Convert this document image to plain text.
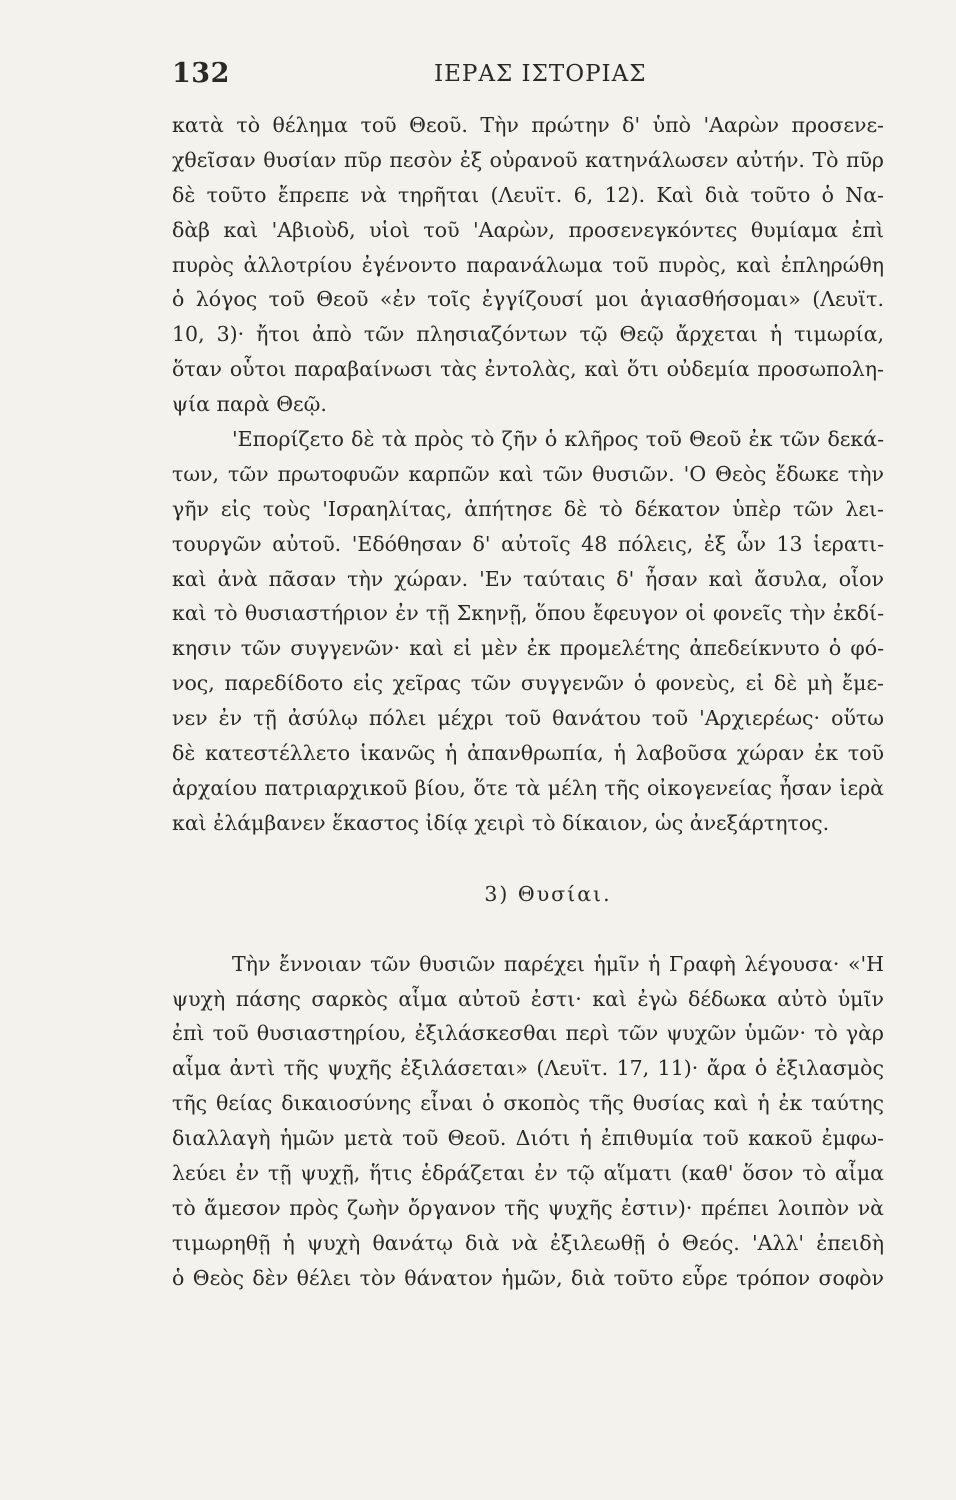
132	ΙΕΡΑΣ ΙΣΤΟΡΙΑΣ
κατὰ τὸ θέλημα τοῦ Θεοῦ. Τὴν πρώτην δ' ὑπὸ 'Ααρὼν προσενε-
χθεῖσαν θυσίαν πῦρ πεσὸν ἐξ οὐρανοῦ κατηνάλωσεν αὐτήν. Τὸ πῦρ
δὲ τοῦτο ἔπρεπε νὰ τηρῆται (Λευϊτ. 6, 12). Καὶ διὰ τοῦτο ὁ Να-
δὰβ καὶ 'Αβιοὺδ, υἱοὶ τοῦ 'Ααρὼν, προσενεγκόντες θυμίαμα ἐπὶ
πυρὸς ἀλλοτρίου ἐγένοντο παρανάλωμα τοῦ πυρὸς, καὶ ἐπληρώθη
ὁ λόγος τοῦ Θεοῦ «ἐν τοῖς ἐγγίζουσί μοι ἁγιασθήσομαι» (Λευϊτ.
10, 3)· ἤτοι ἀπὸ τῶν πλησιαζόντων τῷ Θεῷ ἄρχεται ἡ τιμωρία,
ὅταν οὗτοι παραβαίνωσι τὰς ἐντολὰς, καὶ ὅτι οὐδεμία προσωπολη-
ψία παρὰ Θεῷ.
'Επορίζετο δὲ τὰ πρὸς τὸ ζῆν ὁ κλῆρος τοῦ Θεοῦ ἐκ τῶν δεκά-
των, τῶν πρωτοφυῶν καρπῶν καὶ τῶν θυσιῶν. 'Ο Θεὸς ἔδωκε τὴν
γῆν εἰς τοὺς 'Ισραηλίτας, ἀπήτησε δὲ τὸ δέκατον ὑπὲρ τῶν λει-
τουργῶν αὐτοῦ. 'Εδόθησαν δ' αὐτοῖς 48 πόλεις, ἐξ ὧν 13 ἱερατι-
καὶ ἀνὰ πᾶσαν τὴν χώραν. 'Εν ταύταις δ' ἦσαν καὶ ἄσυλα, οἷον
καὶ τὸ θυσιαστήριον ἐν τῇ Σκηνῇ, ὅπου ἔφευγον οἱ φονεῖς τὴν ἐκδί-
κησιν τῶν συγγενῶν· καὶ εἰ μὲν ἐκ προμελέτης ἀπεδείκνυτο ὁ φό-
νος, παρεδίδοτο εἰς χεῖρας τῶν συγγενῶν ὁ φονεὺς, εἰ δὲ μὴ ἔμε-
νεν ἐν τῇ ἀσύλῳ πόλει μέχρι τοῦ θανάτου τοῦ 'Αρχιερέως· οὕτω
δὲ κατεστέλλετο ἱκανῶς ἡ ἀπανθρωπία, ἡ λαβοῦσα χώραν ἐκ τοῦ
ἀρχαίου πατριαρχικοῦ βίου, ὅτε τὰ μέλη τῆς οἰκογενείας ἦσαν ἱερὰ
καὶ ἐλάμβανεν ἕκαστος ἰδίᾳ χειρὶ τὸ δίκαιον, ὡς ἀνεξάρτητος.
3) Θυσίαι.
Τὴν ἔννοιαν τῶν θυσιῶν παρέχει ἡμῖν ἡ Γραφὴ λέγουσα· «'Η
ψυχὴ πάσης σαρκὸς αἷμα αὐτοῦ ἐστι· καὶ ἐγὼ δέδωκα αὐτὸ ὑμῖν
ἐπὶ τοῦ θυσιαστηρίου, ἐξιλάσκεσθαι περὶ τῶν ψυχῶν ὑμῶν· τὸ γὰρ
αἷμα ἀντὶ τῆς ψυχῆς ἐξιλάσεται» (Λευϊτ. 17, 11)· ἄρα ὁ ἐξιλασμὸς
τῆς θείας δικαιοσύνης εἶναι ὁ σκοπὸς τῆς θυσίας καὶ ἡ ἐκ ταύτης
διαλλαγὴ ἡμῶν μετὰ τοῦ Θεοῦ. Διότι ἡ ἐπιθυμία τοῦ κακοῦ ἐμφω-
λεύει ἐν τῇ ψυχῇ, ἥτις ἑδράζεται ἐν τῷ αἵματι (καθ' ὅσον τὸ αἷμα
τὸ ἄμεσον πρὸς ζωὴν ὄργανον τῆς ψυχῆς ἐστιν)· πρέπει λοιπὸν νὰ
τιμωρηθῇ ἡ ψυχὴ θανάτῳ διὰ νὰ ἐξιλεωθῇ ὁ Θεός. 'Αλλ' ἐπειδὴ
ὁ Θεὸς δὲν θέλει τὸν θάνατον ἡμῶν, διὰ τοῦτο εὗρε τρόπον σοφὸν
